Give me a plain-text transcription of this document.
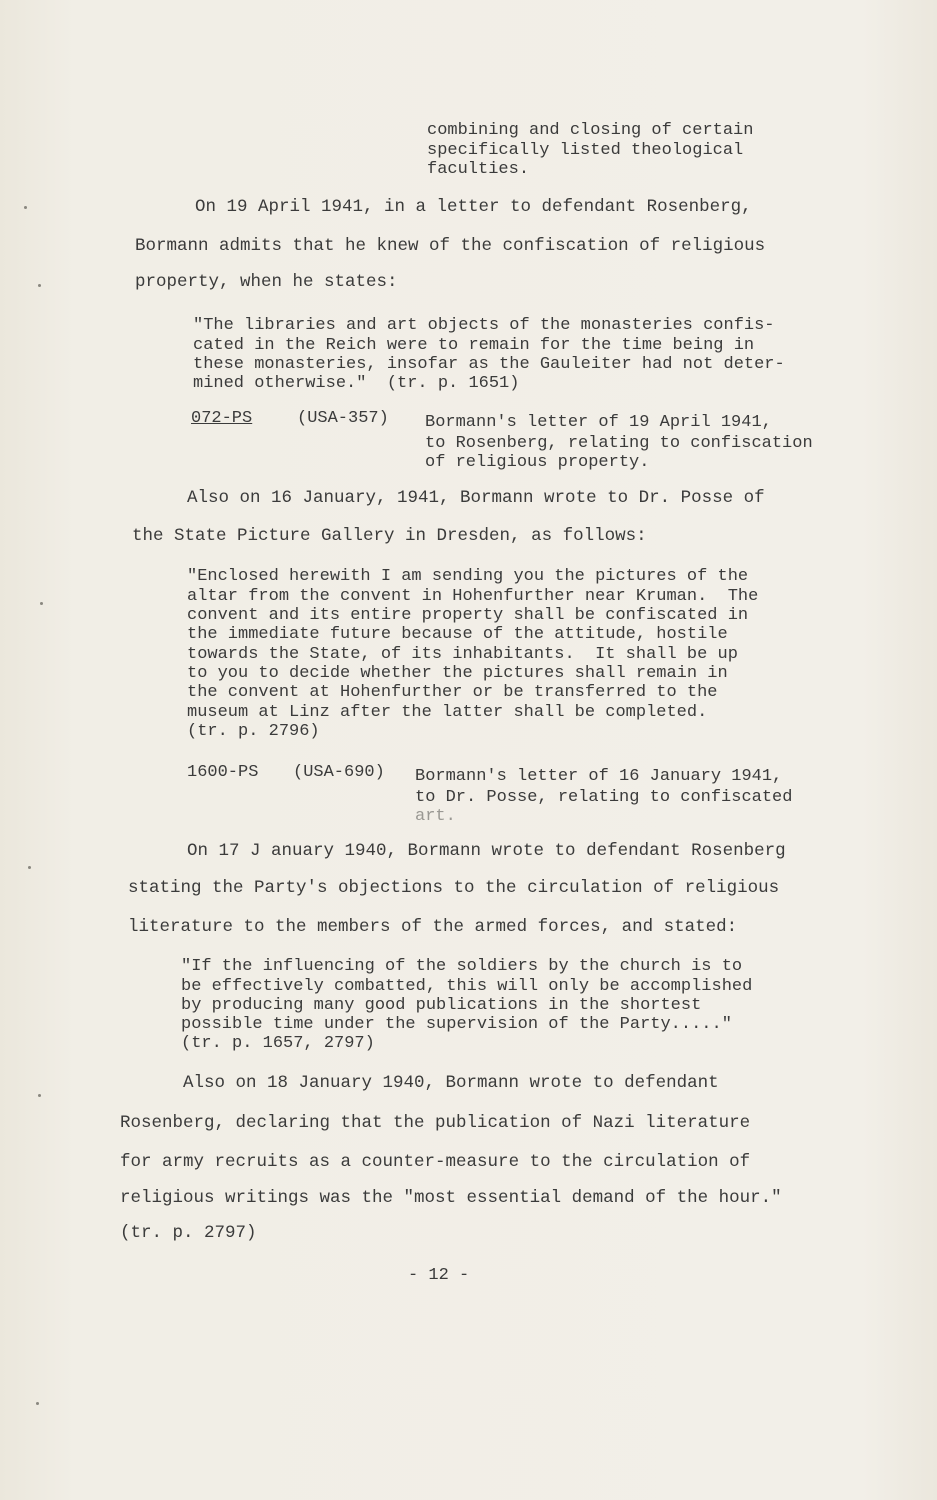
combining and closing of certain
specifically listed theological
faculties.
On 19 April 1941, in a letter to defendant Rosenberg,
Bormann admits that he knew of the confiscation of religious
property, when he states:
"The libraries and art objects of the monasteries confis-
cated in the Reich were to remain for the time being in
these monasteries, insofar as the Gauleiter had not deter-
mined otherwise."  (tr. p. 1651)
072-PS	(USA-357) Bormann's letter of 19 April 1941,
to Rosenberg, relating to confiscation
of religious property.
Also on 16 January, 1941, Bormann wrote to Dr. Posse of
the State Picture Gallery in Dresden, as follows:
"Enclosed herewith I am sending you the pictures of the
altar from the convent in Hohenfurther near Kruman.  The
convent and its entire property shall be confiscated in
the immediate future because of the attitude, hostile
towards the State, of its inhabitants.  It shall be up
to you to decide whether the pictures shall remain in
the convent at Hohenfurther or be transferred to the
museum at Linz after the latter shall be completed.
(tr. p. 2796)
1600-PS (USA-690) Bormann's letter of 16 January 1941,
to Dr. Posse, relating to confiscated
art.
On 17 J anuary 1940, Bormann wrote to defendant Rosenberg
stating the Party's objections to the circulation of religious
literature to the members of the armed forces, and stated:
"If the influencing of the soldiers by the church is to
be effectively combatted, this will only be accomplished
by producing many good publications in the shortest
possible time under the supervision of the Party....."
(tr. p. 1657, 2797)
Also on 18 January 1940, Bormann wrote to defendant
Rosenberg, declaring that the publication of Nazi literature
for army recruits as a counter-measure to the circulation of
religious writings was the "most essential demand of the hour."
(tr. p. 2797)
- 12 -
